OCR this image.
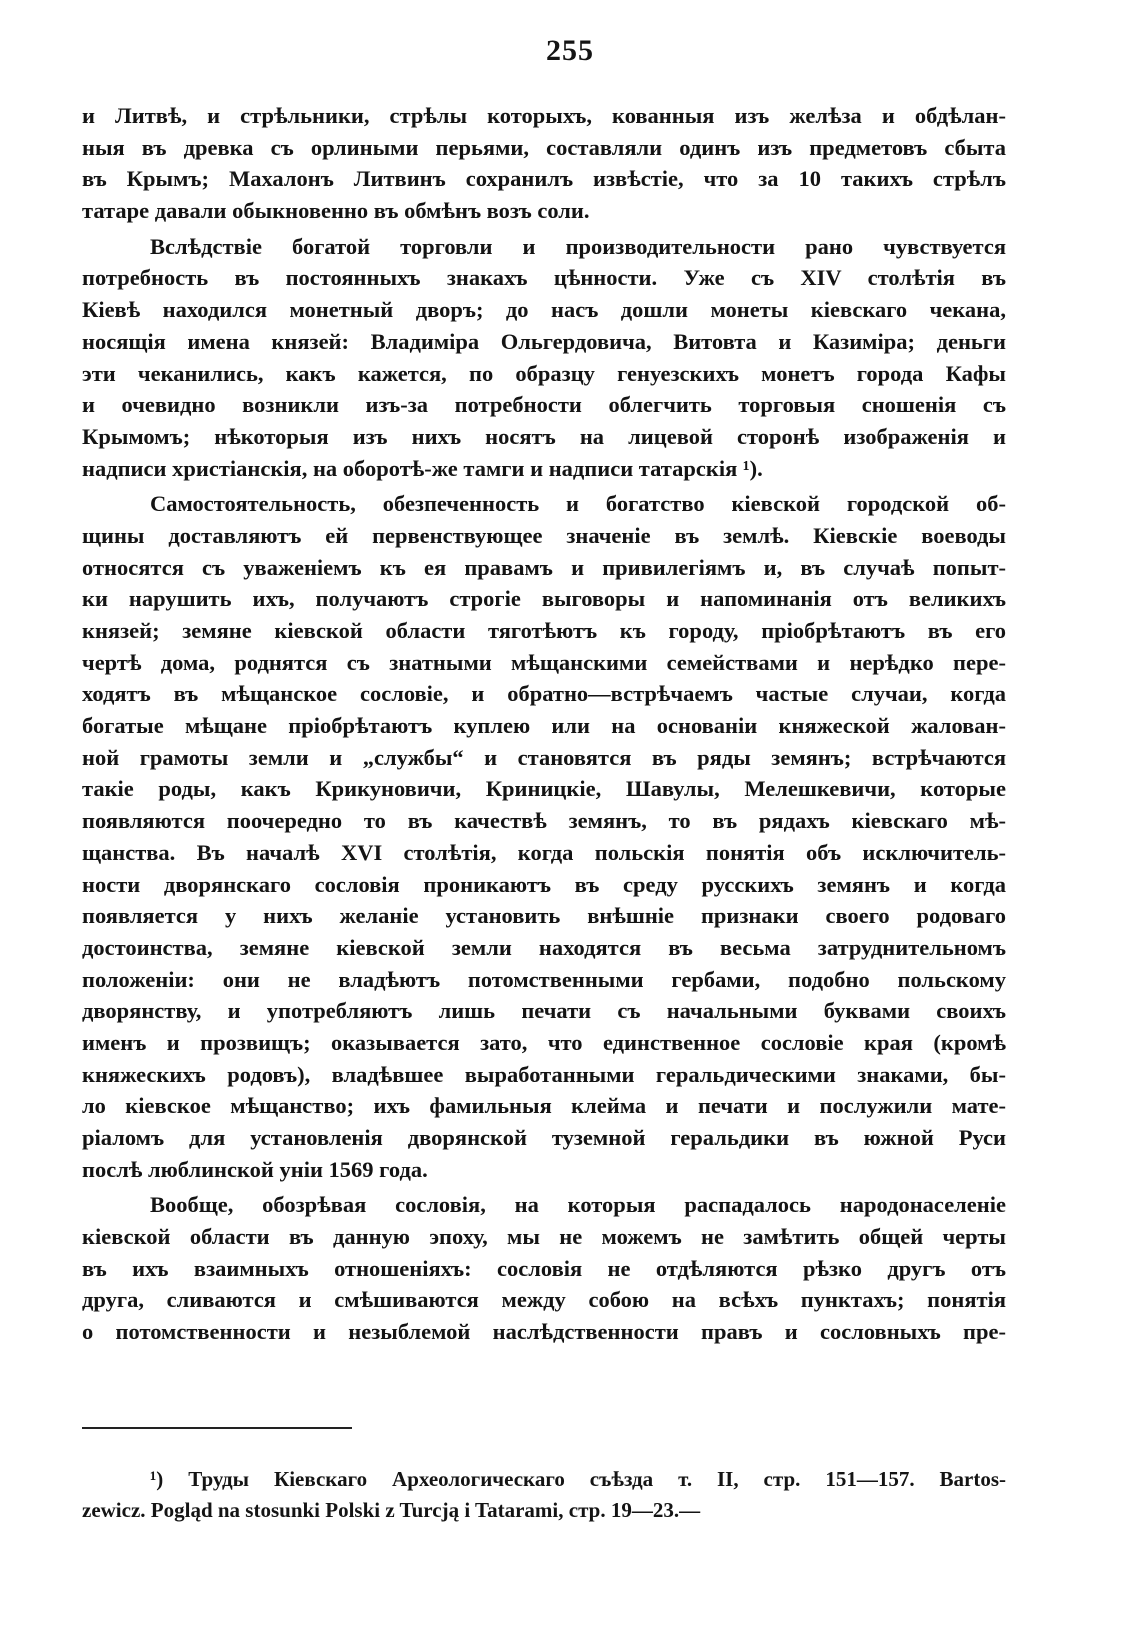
255
и Литвѣ, и стрѣльники, стрѣлы которыхъ, кованныя изъ желѣза и обдѣлан-
ныя въ древка съ орлиными перьями, составляли одинъ изъ предметовъ сбыта
въ Крымъ; Махалонъ Литвинъ сохранилъ извѣстіе, что за 10 такихъ стрѣлъ
татаре давали обыкновенно въ обмѣнъ возъ соли.
Вслѣдствіе богатой торговли и производительности рано чувствуется
потребность въ постоянныхъ знакахъ цѣнности. Уже съ XIV столѣтія въ
Кіевѣ находился монетный дворъ; до насъ дошли монеты кіевскаго чекана,
носящія имена князей: Владиміра Ольгердовича, Витовта и Казиміра; деньги
эти чеканились, какъ кажется, по образцу генуезскихъ монетъ города Кафы
и очевидно возникли изъ-за потребности облегчить торговыя сношенія съ
Крымомъ; нѣкоторыя изъ нихъ носятъ на лицевой сторонѣ изображенія и
надписи христіанскія, на оборотѣ-же тамги и надписи татарскія ¹).
Самостоятельность, обезпеченность и богатство кіевской городской об-
щины доставляютъ ей первенствующее значеніе въ землѣ. Кіевскіе воеводы
относятся съ уваженіемъ къ ея правамъ и привилегіямъ и, въ случаѣ попыт-
ки нарушить ихъ, получаютъ строгіе выговоры и напоминанія отъ великихъ
князей; земяне кіевской области тяготѣютъ къ городу, пріобрѣтаютъ въ его
чертѣ дома, роднятся съ знатными мѣщанскими семействами и нерѣдко пере-
ходятъ въ мѣщанское сословіе, и обратно—встрѣчаемъ частые случаи, когда
богатые мѣщане пріобрѣтаютъ куплею или на основаніи княжеской жалован-
ной грамоты земли и „службы“ и становятся въ ряды земянъ; встрѣчаются
такіе роды, какъ Крикуновичи, Криницкіе, Шавулы, Мелешкевичи, которые
появляются поочередно то въ качествѣ земянъ, то въ рядахъ кіевскаго мѣ-
щанства. Въ началѣ XVI столѣтія, когда польскія понятія объ исключитель-
ности дворянскаго сословія проникаютъ въ среду русскихъ земянъ и когда
появляется у нихъ желаніе установить внѣшніе признаки своего родоваго
достоинства, земяне кіевской земли находятся въ весьма затруднительномъ
положеніи: они не владѣютъ потомственными гербами, подобно польскому
дворянству, и употребляютъ лишь печати съ начальными буквами своихъ
именъ и прозвищъ; оказывается зато, что единственное сословіе края (кромѣ
княжескихъ родовъ), владѣвшее выработанными геральдическими знаками, бы-
ло кіевское мѣщанство; ихъ фамильныя клейма и печати и послужили мате-
ріаломъ для установленія дворянской туземной геральдики въ южной Руси
послѣ люблинской уніи 1569 года.
Вообще, обозрѣвая сословія, на которыя распадалось народонаселеніе
кіевской области въ данную эпоху, мы не можемъ не замѣтить общей черты
въ ихъ взаимныхъ отношеніяхъ: сословія не отдѣляются рѣзко другъ отъ
друга, сливаются и смѣшиваются между собою на всѣхъ пунктахъ; понятія
о потомственности и незыблемой наслѣдственности правъ и сословныхъ пре-
¹) Труды Кіевскаго Археологическаго съѣзда т. II, стр. 151—157. Bartos-
zewicz. Pogląd na stosunki Polski z Turcją i Tatarami, стр. 19—23.—
